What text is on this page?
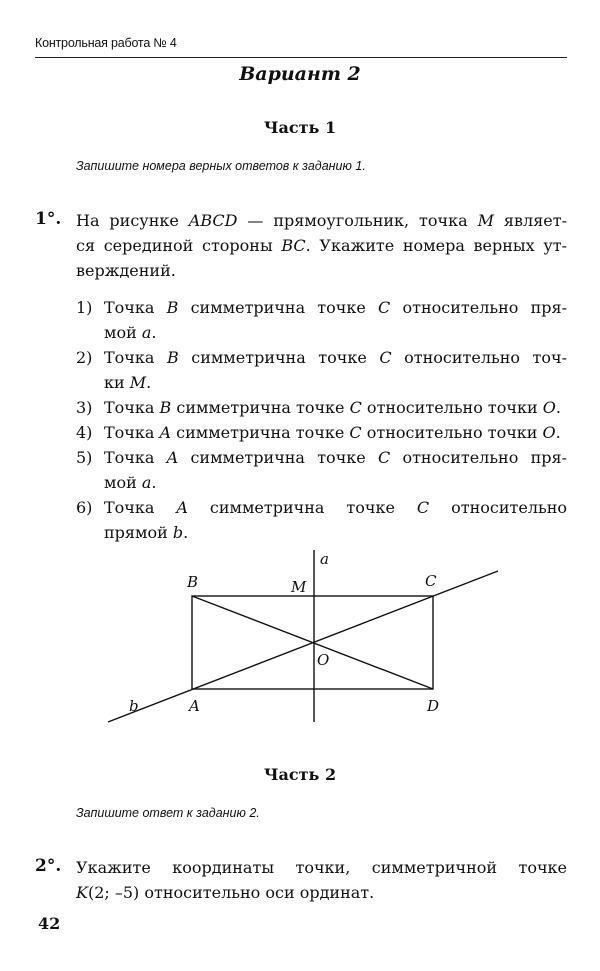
Контрольная работа № 4
Вариант 2
Часть 1
Запишите номера верных ответов к заданию 1.
1°. На рисунке ABCD — прямоугольник, точка M являет-
ся серединой стороны BC. Укажите номера верных ут-
верждений.
1) Точка B симметрична точке C относительно пря-
мой a.
2) Точка B симметрична точке C относительно точ-
ки M.
3) Точка B симметрична точке C относительно точки O.
4) Точка A симметрична точке C относительно точки O.
5) Точка A симметрична точке C относительно пря-
мой a.
6) Точка A симметрична точке C относительно
прямой b.
a
B	M	C
O
b	A	D
Часть 2
Запишите ответ к заданию 2.
2°. Укажите координаты точки, симметричной точке
K(2; –5) относительно оси ординат.
42
